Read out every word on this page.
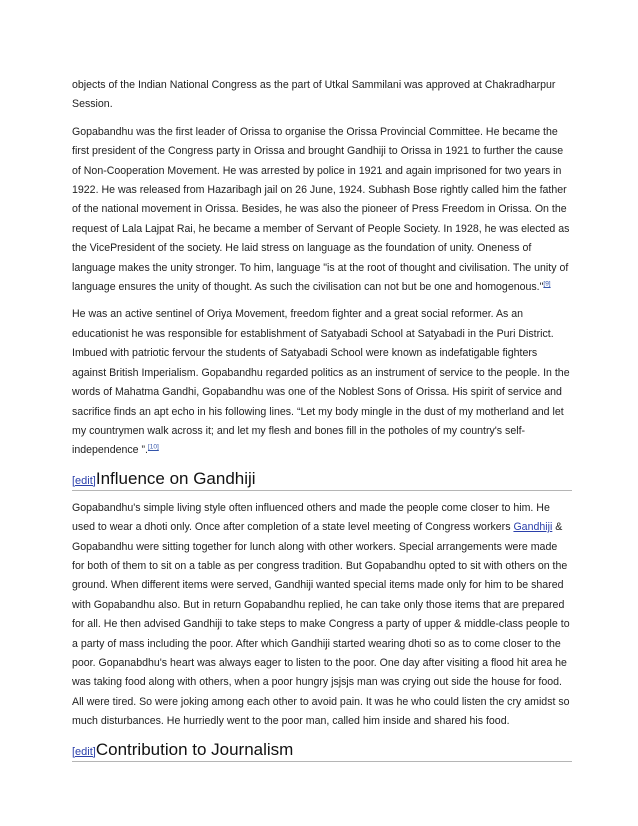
objects of the Indian National Congress as the part of Utkal Sammilani was approved at Chakradharpur Session.

Gopabandhu was the first leader of Orissa to organise the Orissa Provincial Committee. He became the first president of the Congress party in Orissa and brought Gandhiji to Orissa in 1921 to further the cause of Non-Cooperation Movement. He was arrested by police in 1921 and again imprisoned for two years in 1922. He was released from Hazaribagh jail on 26 June, 1924. Subhash Bose rightly called him the father of the national movement in Orissa. Besides, he was also the pioneer of Press Freedom in Orissa. On the request of Lala Lajpat Rai, he became a member of Servant of People Society. In 1928, he was elected as the VicePresident of the society. He laid stress on language as the foundation of unity. Oneness of language makes the unity stronger. To him, language "is at the root of thought and civilisation. The unity of language ensures the unity of thought. As such the civilisation can not but be one and homogenous."[9]

He was an active sentinel of Oriya Movement, freedom fighter and a great social reformer. As an educationist he was responsible for establishment of Satyabadi School at Satyabadi in the Puri District. Imbued with patriotic fervour the students of Satyabadi School were known as indefatigable fighters against British Imperialism. Gopabandhu regarded politics as an instrument of service to the people. In the words of Mahatma Gandhi, Gopabandhu was one of the Noblest Sons of Orissa. His spirit of service and sacrifice finds an apt echo in his following lines. “Let my body mingle in the dust of my motherland and let my countrymen walk across it; and let my flesh and bones fill in the potholes of my country's self-independence ”.[10]

[edit] Influence on Gandhiji

Gopabandhu's simple living style often influenced others and made the people come closer to him. He used to wear a dhoti only. Once after completion of a state level meeting of Congress workers Gandhiji & Gopabandhu were sitting together for lunch along with other workers. Special arrangements were made for both of them to sit on a table as per congress tradition. But Gopabandhu opted to sit with others on the ground. When different items were served, Gandhiji wanted special items made only for him to be shared with Gopabandhu also. But in return Gopabandhu replied, he can take only those items that are prepared for all. He then advised Gandhiji to take steps to make Congress a party of upper & middle-class people to a party of mass including the poor. After which Gandhiji started wearing dhoti so as to come closer to the poor. Gopanabdhu's heart was always eager to listen to the poor. One day after visiting a flood hit area he was taking food along with others, when a poor hungry jsjsjs man was crying out side the house for food. All were tired. So were joking among each other to avoid pain. It was he who could listen the cry amidst so much disturbances. He hurriedly went to the poor man, called him inside and shared his food.

[edit] Contribution to Journalism
